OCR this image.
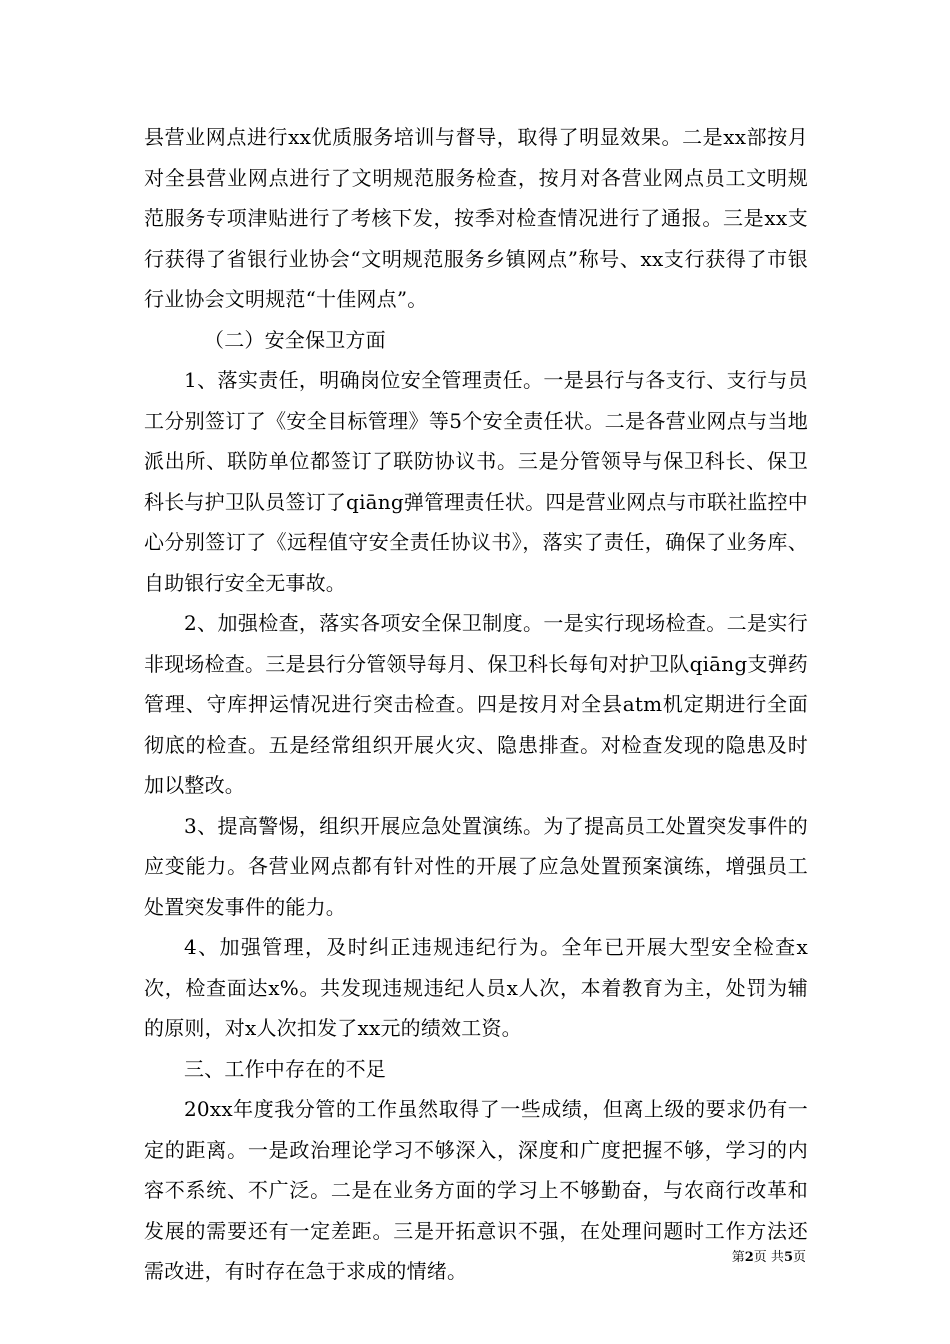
县营业网点进行xx优质服务培训与督导，取得了明显效果。二是xx部按月对全县营业网点进行了文明规范服务检查，按月对各营业网点员工文明规范服务专项津贴进行了考核下发，按季对检查情况进行了通报。三是xx支行获得了省银行业协会“文明规范服务乡镇网点”称号、xx支行获得了市银行业协会文明规范“十佳网点”。

（二）安全保卫方面

1、落实责任，明确岗位安全管理责任。一是县行与各支行、支行与员工分别签订了《安全目标管理》等5个安全责任状。二是各营业网点与当地派出所、联防单位都签订了联防协议书。三是分管领导与保卫科长、保卫科长与护卫队员签订了qiāng弹管理责任状。四是营业网点与市联社监控中心分别签订了《远程值守安全责任协议书》，落实了责任，确保了业务库、自助银行安全无事故。

2、加强检查，落实各项安全保卫制度。一是实行现场检查。二是实行非现场检查。三是县行分管领导每月、保卫科长每旬对护卫队qiāng支弹药管理、守库押运情况进行突击检查。四是按月对全县atm机定期进行全面彻底的检查。五是经常组织开展火灾、隐患排查。对检查发现的隐患及时加以整改。

3、提高警惕，组织开展应急处置演练。为了提高员工处置突发事件的应变能力。各营业网点都有针对性的开展了应急处置预案演练，增强员工处置突发事件的能力。

4、加强管理，及时纠正违规违纪行为。全年已开展大型安全检查x次，检查面达x%。共发现违规违纪人员x人次，本着教育为主，处罚为辅的原则，对x人次扣发了xx元的绩效工资。

三、工作中存在的不足

20xx年度我分管的工作虽然取得了一些成绩，但离上级的要求仍有一定的距离。一是政治理论学习不够深入，深度和广度把握不够，学习的内容不系统、不广泛。二是在业务方面的学习上不够勤奋，与农商行改革和发展的需要还有一定差距。三是开拓意识不强，在处理问题时工作方法还需改进，有时存在急于求成的情绪。

第2页 共5页
